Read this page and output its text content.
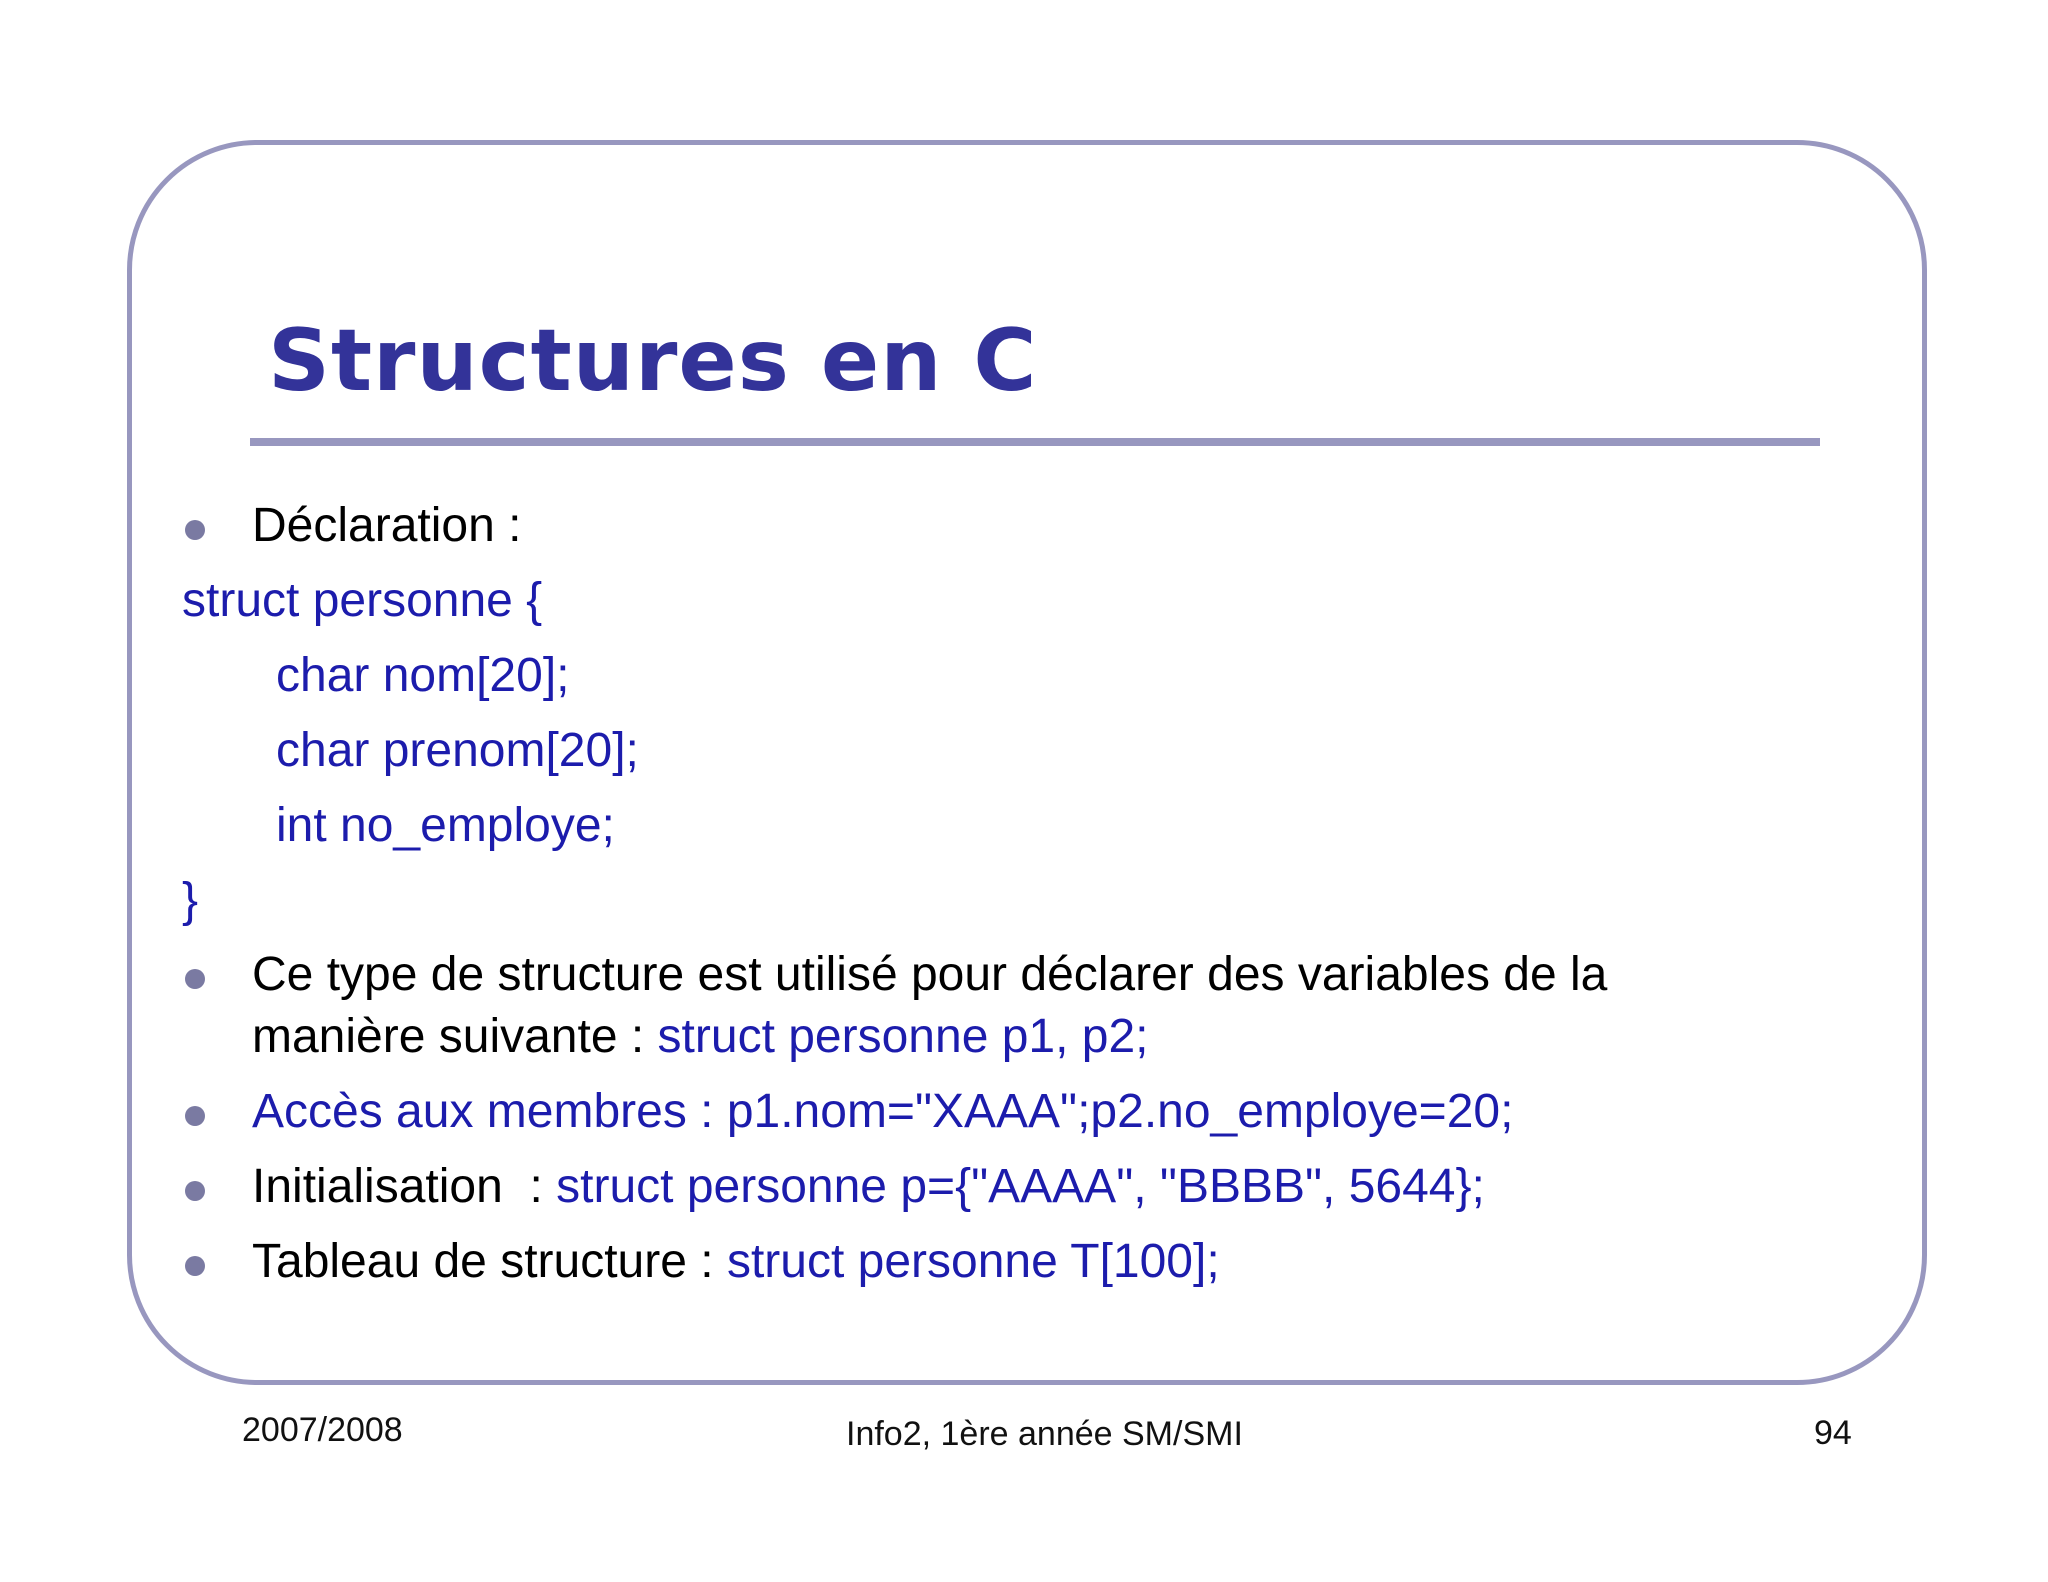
Structures en C
Déclaration :
struct personne {
char nom[20];
char prenom[20];
int no_employe;
}
Ce type de structure est utilisé pour déclarer des variables de la
manière suivante : struct personne p1, p2;
Accès aux membres : p1.nom="XAAA";p2.no_employe=20;
Initialisation  : struct personne p={"AAAA", "BBBB", 5644};
Tableau de structure : struct personne T[100];
2007/2008	Info2, 1ère année SM/SMI	94
